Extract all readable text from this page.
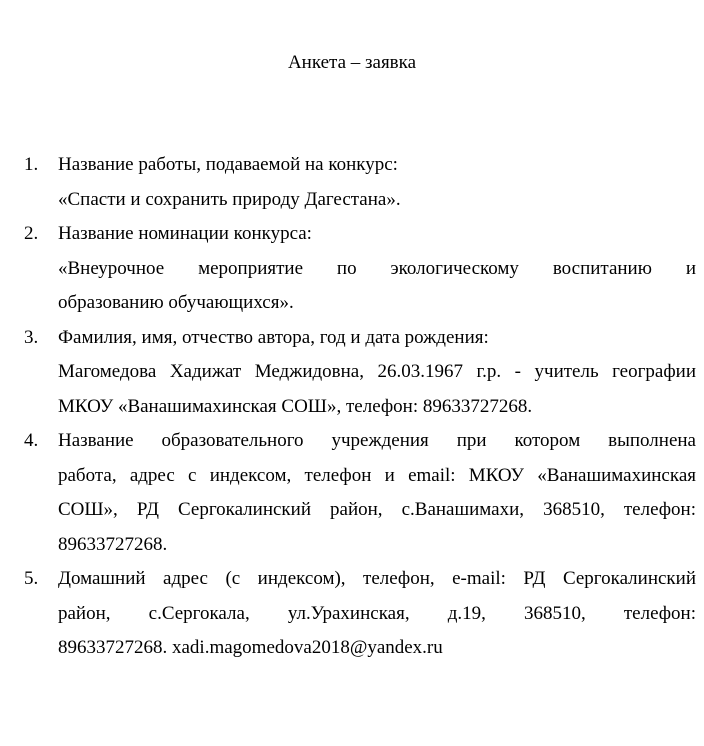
Анкета – заявка
1. Название работы, подаваемой на конкурс:
«Спасти и сохранить природу Дагестана».
2. Название номинации конкурса:
«Внеурочное мероприятие по экологическому воспитанию и
образованию обучающихся».
3. Фамилия, имя, отчество автора, год и дата рождения:
Магомедова Хадижат Меджидовна, 26.03.1967 г.р. - учитель географии
МКОУ «Ванашимахинская СОШ», телефон: 89633727268.
4. Название образовательного учреждения при котором выполнена
работа, адрес с индексом, телефон и email: МКОУ «Ванашимахинская
СОШ», РД Сергокалинский район, с.Ванашимахи, 368510, телефон:
89633727268.
5. Домашний адрес (с индексом), телефон, e-mail: РД Сергокалинский
район, с.Сергокала, ул.Урахинская, д.19, 368510, телефон:
89633727268. xadi.magomedova2018@yandex.ru
